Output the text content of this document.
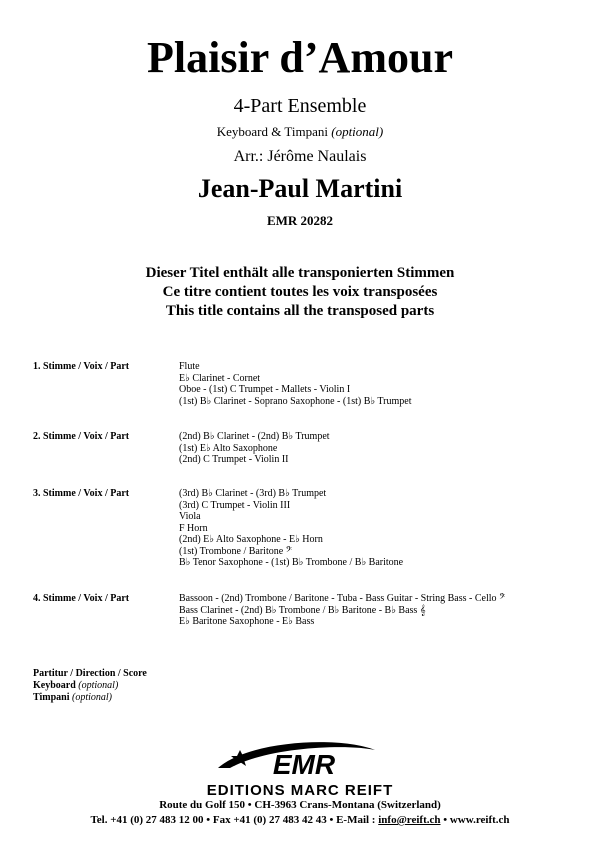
Plaisir d’Amour
4-Part Ensemble
Keyboard & Timpani (optional)
Arr.: Jérôme Naulais
Jean-Paul Martini
EMR 20282
Dieser Titel enthält alle transponierten Stimmen
Ce titre contient toutes les voix transposées
This title contains all the transposed parts
1. Stimme / Voix / Part	Flute
E♭ Clarinet - Cornet
Oboe - (1st) C Trumpet - Mallets - Violin I
(1st) B♭ Clarinet - Soprano Saxophone - (1st) B♭ Trumpet
2. Stimme / Voix / Part	(2nd) B♭ Clarinet - (2nd) B♭ Trumpet
(1st) E♭ Alto Saxophone
(2nd) C Trumpet - Violin II
3. Stimme / Voix / Part	(3rd) B♭ Clarinet - (3rd) B♭ Trumpet
(3rd) C Trumpet - Violin III
Viola
F Horn
(2nd) E♭ Alto Saxophone - E♭ Horn
(1st) Trombone / Baritone 𝄢
B♭ Tenor Saxophone - (1st) B♭ Trombone / B♭ Baritone
4. Stimme / Voix / Part	Bassoon - (2nd) Trombone / Baritone - Tuba - Bass Guitar - String Bass - Cello 𝄢
Bass Clarinet - (2nd) B♭ Trombone / B♭ Baritone - B♭ Bass 𝄞
E♭ Baritone Saxophone - E♭ Bass
Partitur / Direction / Score
Keyboard (optional)
Timpani (optional)
EMR
EDITIONS MARC REIFT
Route du Golf 150 • CH-3963 Crans-Montana (Switzerland)
Tel. +41 (0) 27 483 12 00 • Fax +41 (0) 27 483 42 43 • E-Mail : info@reift.ch • www.reift.ch
